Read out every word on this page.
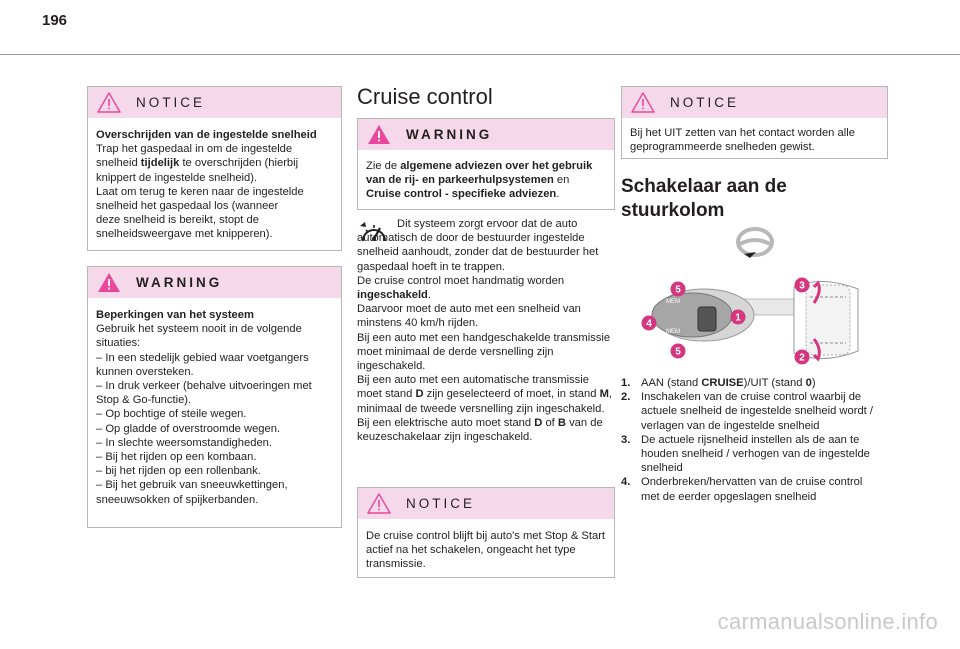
196
NOTICE
Overschrijden van de ingestelde snelheid
Trap het gaspedaal in om de ingestelde
snelheid tijdelijk te overschrijden (hierbij
knippert de ingestelde snelheid).
Laat om terug te keren naar de ingestelde
snelheid het gaspedaal los (wanneer
deze snelheid is bereikt, stopt de
snelheidsweergave met knipperen).
WARNING
Beperkingen van het systeem
Gebruik het systeem nooit in de volgende situaties:
– In een stedelijk gebied waar voetgangers kunnen oversteken.
– In druk verkeer (behalve uitvoeringen met Stop & Go-functie).
– Op bochtige of steile wegen.
– Op gladde of overstroomde wegen.
– In slechte weersomstandigheden.
– Bij het rijden op een kombaan.
– bij het rijden op een rollenbank.
– Bij het gebruik van sneeuwkettingen, sneeuwsokken of spijkerbanden.
Cruise control
WARNING
Zie de algemene adviezen over het gebruik van de rij- en parkeerhulpsystemen en Cruise control - specifieke adviezen.
Dit systeem zorgt ervoor dat de auto automatisch de door de bestuurder ingestelde snelheid aanhoudt, zonder dat de bestuurder het gaspedaal hoeft in te trappen.
De cruise control moet handmatig worden ingeschakeld.
Daarvoor moet de auto met een snelheid van minstens 40 km/h rijden.
Bij een auto met een handgeschakelde transmissie moet minimaal de derde versnelling zijn ingeschakeld.
Bij een auto met een automatische transmissie moet stand D zijn geselecteerd of moet, in stand M, minimaal de tweede versnelling zijn ingeschakeld.
Bij een elektrische auto moet stand D of B van de keuzeschakelaar zijn ingeschakeld.
NOTICE
De cruise control blijft bij auto's met Stop & Start actief na het schakelen, ongeacht het type transmissie.
NOTICE
Bij het UIT zetten van het contact worden alle geprogrammeerde snelheden gewist.
Schakelaar aan de
stuurkolom
MEM
MEM
5
4
5
1
3
2
1. AAN (stand CRUISE)/UIT (stand 0)
2. Inschakelen van de cruise control waarbij de actuele snelheid de ingestelde snelheid wordt / verlagen van de ingestelde snelheid
3. De actuele rijsnelheid instellen als de aan te houden snelheid / verhogen van de ingestelde snelheid
4. Onderbreken/hervatten van de cruise control met de eerder opgeslagen snelheid
carmanualsonline.info
